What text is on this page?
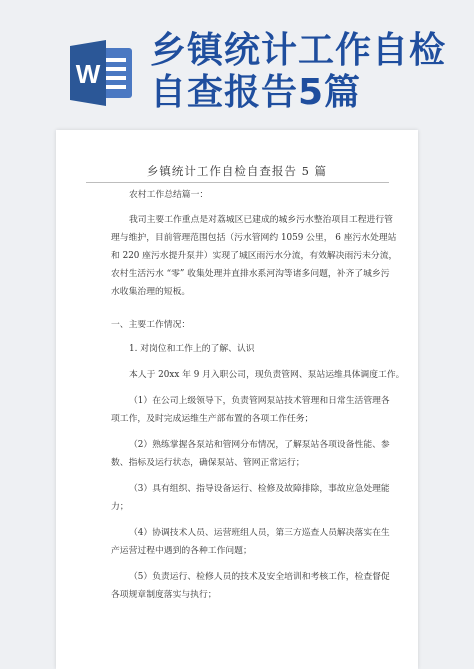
W
乡镇统计工作自检
自查报告5篇
乡镇统计工作自检自查报告 5 篇
农村工作总结篇一：
我司主要工作重点是对荔城区已建成的城乡污水整治项目工程进行管
理与维护，目前管理范围包括（污水管网约 1059 公里， 6 座污水处理站
和 220 座污水提升泵井）实现了城区雨污水分流，有效解决雨污未分流，
农村生活污水 “零” 收集处理并直排水系河沟等诸多问题，补齐了城乡污
水收集治理的短板。
一、主要工作情况：
1. 对岗位和工作上的了解、认识
本人于 20xx 年 9 月入职公司，现负责管网、泵站运维具体调度工作。
（1）在公司上级领导下，负责管网泵站技术管理和日常生活管理各
项工作，及时完成运维生产部布置的各项工作任务；
（2）熟练掌握各泵站和管网分布情况，了解泵站各项设备性能、参
数、指标及运行状态，确保泵站、管网正常运行；
（3）具有组织、指导设备运行、检修及故障排除，事故应急处理能
力；
（4）协调技术人员、运营班组人员，第三方巡查人员解决落实在生
产运营过程中遇到的各种工作问题；
（5）负责运行、检修人员的技术及安全培训和考核工作，检查督促
各项规章制度落实与执行；
